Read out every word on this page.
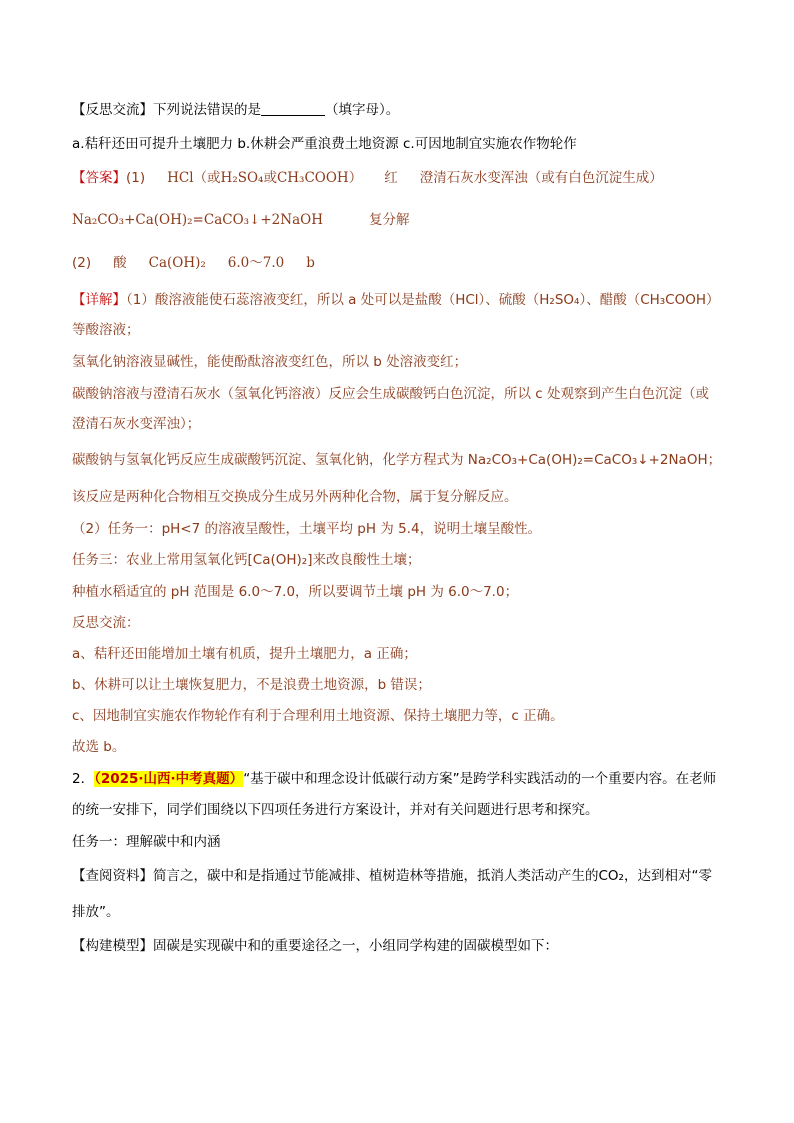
【反思交流】下列说法错误的是	（填字母）。
a.秸秆还田可提升土壤肥力 b.休耕会严重浪费土地资源 c.可因地制宜实施农作物轮作
【答案】(1) HCl（或H₂SO₄或CH₃COOH） 红 澄清石灰水变浑浊（或有白色沉淀生成）
Na₂CO₃+Ca(OH)₂=CaCO₃↓+2NaOH	复分解
(2) 酸 Ca(OH)₂ 6.0～7.0 b
【详解】（1）酸溶液能使石蕊溶液变红，所以 a 处可以是盐酸（HCl）、硫酸（H₂SO₄）、醋酸（CH₃COOH）
等酸溶液；
氢氧化钠溶液显碱性，能使酚酞溶液变红色，所以 b 处溶液变红；
碳酸钠溶液与澄清石灰水（氢氧化钙溶液）反应会生成碳酸钙白色沉淀，所以 c 处观察到产生白色沉淀（或
澄清石灰水变浑浊）；
碳酸钠与氢氧化钙反应生成碳酸钙沉淀、氢氧化钠，化学方程式为 Na₂CO₃+Ca(OH)₂=CaCO₃↓+2NaOH；
该反应是两种化合物相互交换成分生成另外两种化合物，属于复分解反应。
（2）任务一：pH<7 的溶液呈酸性，土壤平均 pH 为 5.4，说明土壤呈酸性。
任务三：农业上常用氢氧化钙[Ca(OH)₂]来改良酸性土壤；
种植水稻适宜的 pH 范围是 6.0～7.0，所以要调节土壤 pH 为 6.0～7.0；
反思交流：
a、秸秆还田能增加土壤有机质，提升土壤肥力，a 正确；
b、休耕可以让土壤恢复肥力，不是浪费土地资源，b 错误；
c、因地制宜实施农作物轮作有利于合理利用土地资源、保持土壤肥力等，c 正确。
故选 b。
2．（2025·山西·中考真题）“基于碳中和理念设计低碳行动方案”是跨学科实践活动的一个重要内容。在老师
的统一安排下，同学们围绕以下四项任务进行方案设计，并对有关问题进行思考和探究。
任务一：理解碳中和内涵
【查阅资料】简言之，碳中和是指通过节能减排、植树造林等措施，抵消人类活动产生的CO₂，达到相对“零
排放”。
【构建模型】固碳是实现碳中和的重要途径之一，小组同学构建的固碳模型如下：
